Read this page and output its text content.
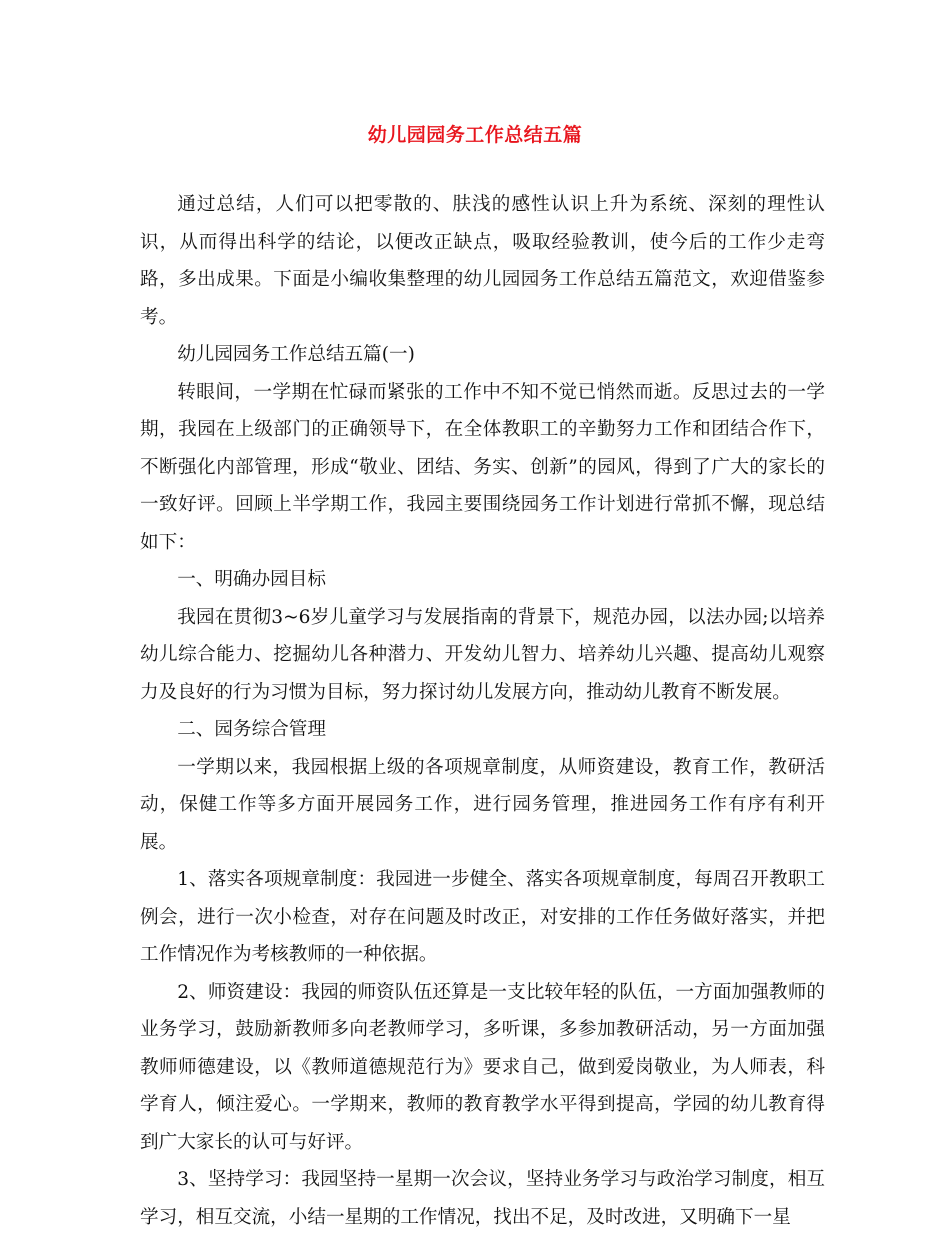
幼儿园园务工作总结五篇

通过总结，人们可以把零散的、肤浅的感性认识上升为系统、深刻的理性认识，从而得出科学的结论，以便改正缺点，吸取经验教训，使今后的工作少走弯路，多出成果。下面是小编收集整理的幼儿园园务工作总结五篇范文，欢迎借鉴参考。

幼儿园园务工作总结五篇(一)

转眼间，一学期在忙碌而紧张的工作中不知不觉已悄然而逝。反思过去的一学期，我园在上级部门的正确领导下，在全体教职工的辛勤努力工作和团结合作下，不断强化内部管理，形成“敬业、团结、务实、创新”的园风，得到了广大的家长的一致好评。回顾上半学期工作，我园主要围绕园务工作计划进行常抓不懈，现总结如下：

一、明确办园目标

我园在贯彻3~6岁儿童学习与发展指南的背景下，规范办园，以法办园;以培养幼儿综合能力、挖掘幼儿各种潜力、开发幼儿智力、培养幼儿兴趣、提高幼儿观察力及良好的行为习惯为目标，努力探讨幼儿发展方向，推动幼儿教育不断发展。

二、园务综合管理

一学期以来，我园根据上级的各项规章制度，从师资建设，教育工作，教研活动，保健工作等多方面开展园务工作，进行园务管理，推进园务工作有序有利开展。

1、落实各项规章制度：我园进一步健全、落实各项规章制度，每周召开教职工例会，进行一次小检查，对存在问题及时改正，对安排的工作任务做好落实，并把工作情况作为考核教师的一种依据。

2、师资建设：我园的师资队伍还算是一支比较年轻的队伍，一方面加强教师的业务学习，鼓励新教师多向老教师学习，多听课，多参加教研活动，另一方面加强教师师德建设，以《教师道德规范行为》要求自己，做到爱岗敬业，为人师表，科学育人，倾注爱心。一学期来，教师的教育教学水平得到提高，学园的幼儿教育得到广大家长的认可与好评。

3、坚持学习：我园坚持一星期一次会议，坚持业务学习与政治学习制度，相互学习，相互交流，小结一星期的工作情况，找出不足，及时改进，又明确下一星
